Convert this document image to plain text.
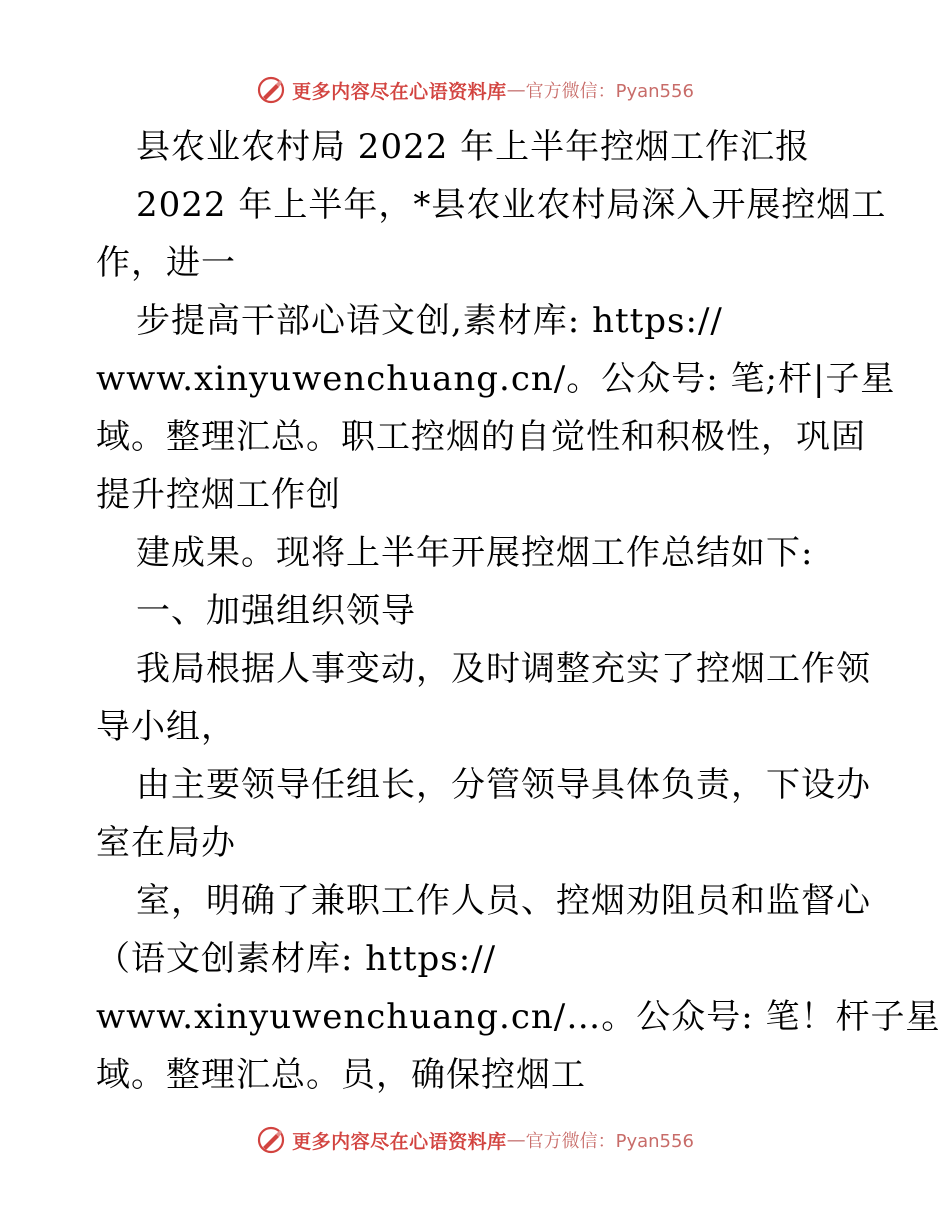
更多内容尽在心语资料库 — 官方微信：Pyan556
县农业农村局 2022 年上半年控烟工作汇报
2022 年上半年，*县农业农村局深入开展控烟工
作，进一
步提高干部心语文创,素材库: https://
www.xinyuwenchuang.cn/。公众号: 笔;杆|子星
域。整理汇总。职工控烟的自觉性和积极性，巩固
提升控烟工作创
建成果。现将上半年开展控烟工作总结如下:
一、加强组织领导
我局根据人事变动，及时调整充实了控烟工作领
导小组，
由主要领导任组长，分管领导具体负责，下设办
室在局办
室，明确了兼职工作人员、控烟劝阻员和监督心
（语文创素材库: https://
www.xinyuwenchuang.cn/…。公众号: 笔！杆子星
域。整理汇总。员，确保控烟工
更多内容尽在心语资料库 — 官方微信：Pyan556
